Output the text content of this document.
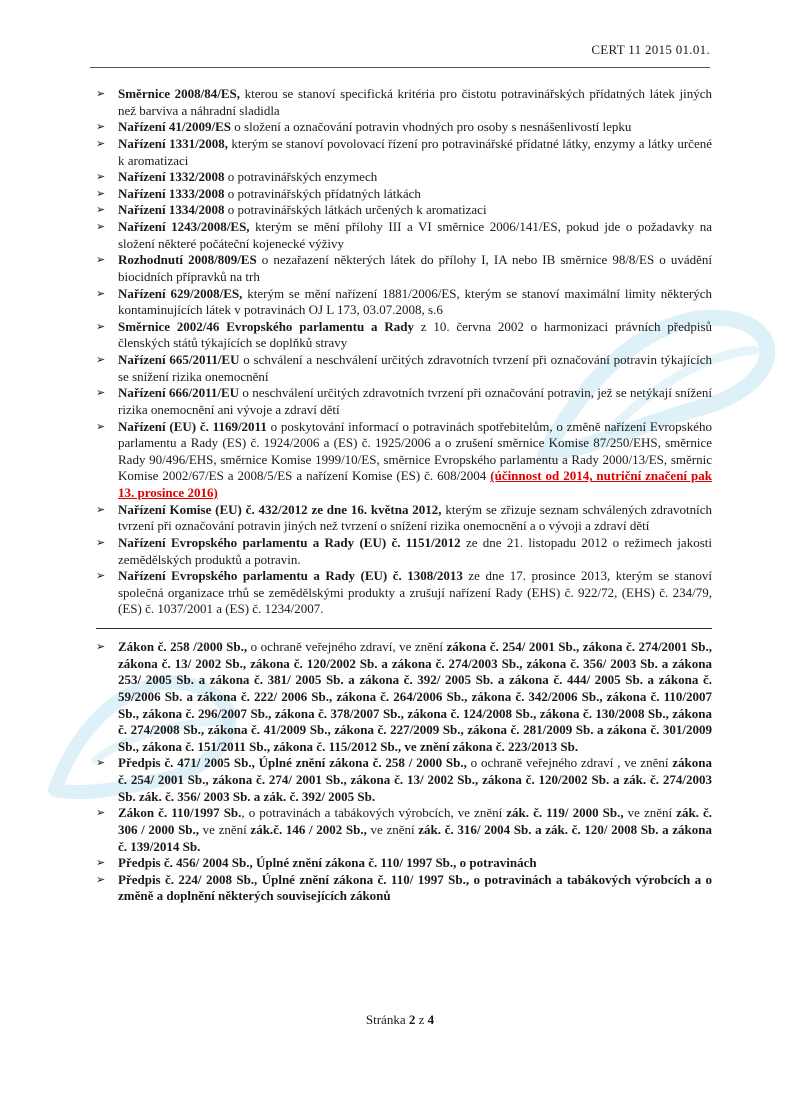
CERT 11 2015 01.01.
➢ Směrnice 2008/84/ES, kterou se stanoví specifická kritéria pro čistotu potravinářských přídatných látek jiných než barviva a náhradní sladidla
➢ Nařízení 41/2009/ES o složení a označování potravin vhodných pro osoby s nesnášenlivostí lepku
➢ Nařízení 1331/2008, kterým se stanoví povolovací řízení pro potravinářské přídatné látky, enzymy a látky určené k aromatizaci
➢ Nařízení 1332/2008 o potravinářských enzymech
➢ Nařízení 1333/2008 o potravinářských přídatných látkách
➢ Nařízení 1334/2008 o potravinářských látkách určených k aromatizaci
➢ Nařízení 1243/2008/ES, kterým se mění přílohy III a VI směrnice 2006/141/ES, pokud jde o požadavky na složení některé počáteční kojenecké výživy
➢ Rozhodnutí 2008/809/ES o nezařazení některých látek do přílohy I, IA nebo IB směrnice 98/8/ES o uvádění biocidních přípravků na trh
➢ Nařízení 629/2008/ES, kterým se mění nařízení 1881/2006/ES, kterým se stanoví maximální limity některých kontaminujících látek v potravinách OJ L 173, 03.07.2008, s.6
➢ Směrnice 2002/46 Evropského parlamentu a Rady z 10. června 2002 o harmonizaci právních předpisů členských států týkajících se doplňků stravy
➢ Nařízení 665/2011/EU o schválení a neschválení určitých zdravotních tvrzení při označování potravin týkajících se snížení rizika onemocnění
➢ Nařízení 666/2011/EU o neschválení určitých zdravotních tvrzení při označování potravin, jež se netýkají snížení rizika onemocnění ani vývoje a zdraví dětí
➢ Nařízení (EU) č. 1169/2011 o poskytování informací o potravinách spotřebitelům, o změně nařízení Evropského parlamentu a Rady (ES) č. 1924/2006 a (ES) č. 1925/2006 a o zrušení směrnice Komise 87/250/EHS, směrnice Rady 90/496/EHS, směrnice Komise 1999/10/ES, směrnice Evropského parlamentu a Rady 2000/13/ES, směrnic Komise 2002/67/ES a 2008/5/ES a nařízení Komise (ES) č. 608/2004 (účinnost od 2014, nutriční značení pak 13. prosince 2016)
➢ Nařízení Komise (EU) č. 432/2012 ze dne 16. května 2012, kterým se zřizuje seznam schválených zdravotních tvrzení při označování potravin jiných než tvrzení o snížení rizika onemocnění a o vývoji a zdraví dětí
➢ Nařízení Evropského parlamentu a Rady (EU) č. 1151/2012 ze dne 21. listopadu 2012 o režimech jakosti zemědělských produktů a potravin.
➢ Nařízení Evropského parlamentu a Rady (EU) č. 1308/2013 ze dne 17. prosince 2013, kterým se stanoví společná organizace trhů se zemědělskými produkty a zrušují nařízení Rady (EHS) č. 922/72, (EHS) č. 234/79, (ES) č. 1037/2001 a (ES) č. 1234/2007.
➢ Zákon č. 258 /2000 Sb., o ochraně veřejného zdraví, ve znění zákona č. 254/ 2001 Sb., zákona č. 274/2001 Sb., zákona č. 13/ 2002 Sb., zákona č. 120/2002 Sb. a zákona č. 274/2003 Sb., zákona č. 356/ 2003 Sb. a zákona 253/ 2005 Sb. a zákona č. 381/ 2005 Sb. a zákona č. 392/ 2005 Sb. a zákona č. 444/ 2005 Sb. a zákona č. 59/2006 Sb. a zákona č. 222/ 2006 Sb., zákona č. 264/2006 Sb., zákona č. 342/2006 Sb., zákona č. 110/2007 Sb., zákona č. 296/2007 Sb., zákona č. 378/2007 Sb., zákona č. 124/2008 Sb., zákona č. 130/2008 Sb., zákona č. 274/2008 Sb., zákona č. 41/2009 Sb., zákona č. 227/2009 Sb., zákona č. 281/2009 Sb. a zákona č. 301/2009 Sb., zákona č. 151/2011 Sb., zákona č. 115/2012 Sb., ve znění zákona č. 223/2013 Sb.
➢ Předpis č. 471/ 2005 Sb., Úplné znění zákona č. 258 / 2000 Sb., o ochraně veřejného zdraví , ve znění zákona č. 254/ 2001 Sb., zákona č. 274/ 2001 Sb., zákona č. 13/ 2002 Sb., zákona č. 120/2002 Sb. a zák. č. 274/2003 Sb. zák. č. 356/ 2003 Sb. a zák. č. 392/ 2005 Sb.
➢ Zákon č. 110/1997 Sb., o potravinách a tabákových výrobcích, ve znění zák. č. 119/ 2000 Sb., ve znění zák. č. 306 / 2000 Sb., ve znění zák.č. 146 / 2002 Sb., ve znění zák. č. 316/ 2004 Sb. a zák. č. 120/ 2008 Sb. a zákona č. 139/2014 Sb.
➢ Předpis č. 456/ 2004 Sb., Úplné znění zákona č. 110/ 1997 Sb., o potravinách
➢ Předpis č. 224/ 2008 Sb., Úplné znění zákona č. 110/ 1997 Sb., o potravinách a tabákových výrobcích a o změně a doplnění některých souvisejících zákonů
Stránka 2 z 4
